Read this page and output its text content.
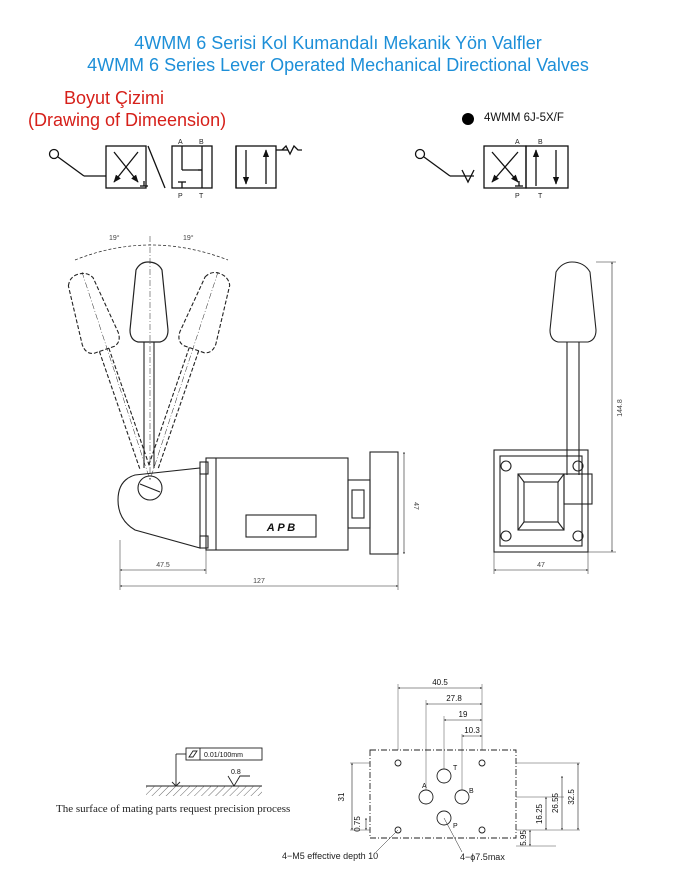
4WMM 6 Serisi Kol Kumandalı Mekanik Yön Valfler
4WMM 6 Series Lever Operated Mechanical Directional Valves
Boyut Çizimi
(Drawing of Dimeension)	4WMM 6J-5X/F
A B
P T
A	B
P	T
A P B
19°	19°
47.5
127
47
47
144.8
0.01/100mm
0.8
A
B
T
P
40.5
27.8
19
10.3
31
0.75	16.25
26.55 32.5
5.95
The surface of mating parts request precision process
4−M5 effective depth 10	4−ϕ7.5max
